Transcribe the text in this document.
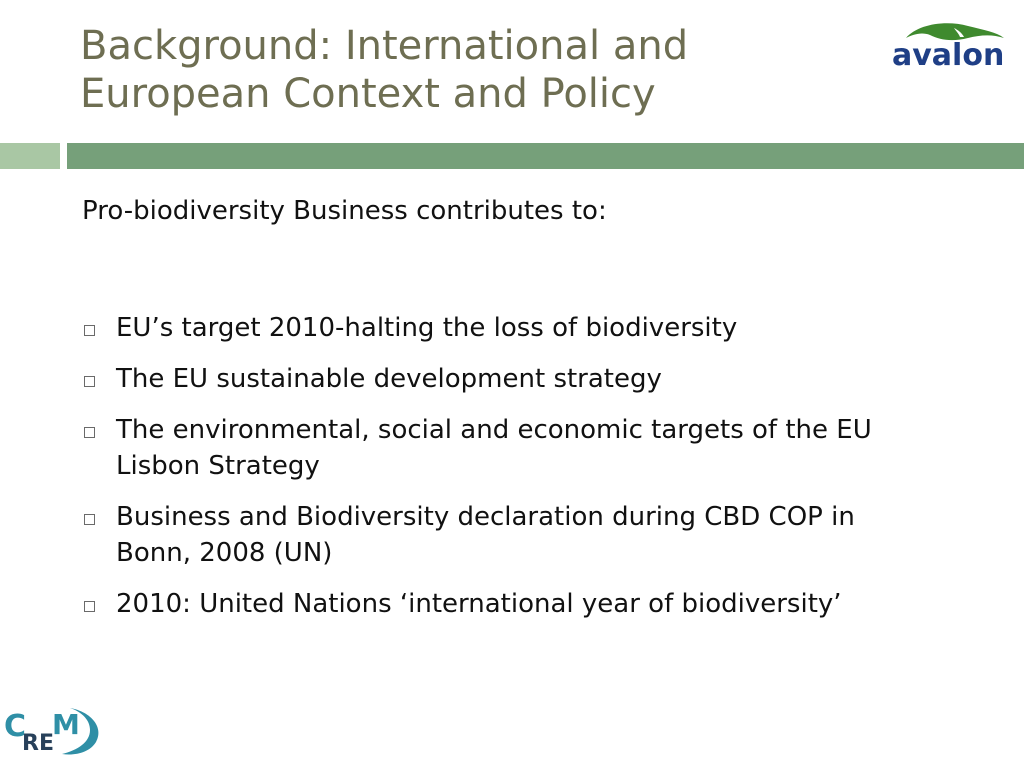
Background: International and
European Context and Policy
avalon

Pro-biodiversity Business contributes to:

EU’s target 2010-halting the loss of biodiversity
The EU sustainable development strategy
The environmental, social and economic targets of the EU Lisbon Strategy
Business and Biodiversity declaration during CBD COP in Bonn, 2008 (UN)
2010: United Nations ‘international year of biodiversity’
C
RE
M
